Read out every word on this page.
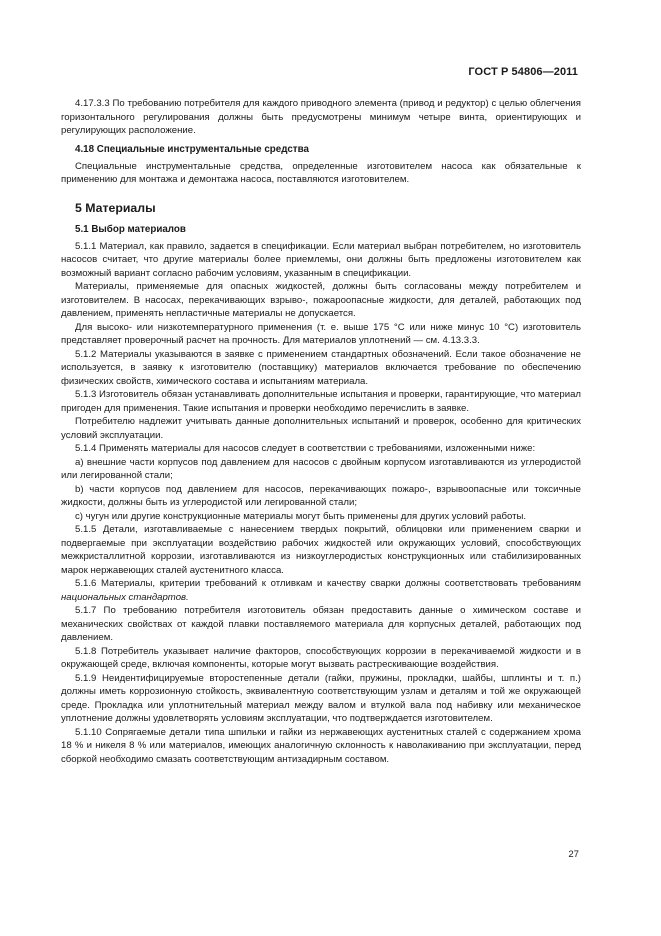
ГОСТ Р 54806—2011

4.17.3.3 По требованию потребителя для каждого приводного элемента (привод и редуктор) с целью облегчения горизонтального регулирования должны быть предусмотрены минимум четыре винта, ориентирующих и регулирующих расположение.

4.18 Специальные инструментальные средства

Специальные инструментальные средства, определенные изготовителем насоса как обязательные к применению для монтажа и демонтажа насоса, поставляются изготовителем.

5 Материалы

5.1 Выбор материалов

5.1.1 Материал, как правило, задается в спецификации. Если материал выбран потребителем, но изготовитель насосов считает, что другие материалы более приемлемы, они должны быть предложены изготовителем как возможный вариант согласно рабочим условиям, указанным в спецификации.

Материалы, применяемые для опасных жидкостей, должны быть согласованы между потребителем и изготовителем. В насосах, перекачивающих взрыво-, пожароопасные жидкости, для деталей, работающих под давлением, применять непластичные материалы не допускается.

Для высоко- или низкотемпературного применения (т. е. выше 175 °С или ниже минус 10 °С) изготовитель представляет проверочный расчет на прочность. Для материалов уплотнений — см. 4.13.3.3.

5.1.2 Материалы указываются в заявке с применением стандартных обозначений. Если такое обозначение не используется, в заявку к изготовителю (поставщику) материалов включается требование по обеспечению физических свойств, химического состава и испытаниям материала.

5.1.3 Изготовитель обязан устанавливать дополнительные испытания и проверки, гарантирующие, что материал пригоден для применения. Такие испытания и проверки необходимо перечислить в заявке.

Потребителю надлежит учитывать данные дополнительных испытаний и проверок, особенно для критических условий эксплуатации.

5.1.4 Применять материалы для насосов следует в соответствии с требованиями, изложенными ниже:

а) внешние части корпусов под давлением для насосов с двойным корпусом изготавливаются из углеродистой или легированной стали;

b) части корпусов под давлением для насосов, перекачивающих пожаро-, взрывоопасные или токсичные жидкости, должны быть из углеродистой или легированной стали;

с) чугун или другие конструкционные материалы могут быть применены для других условий работы.

5.1.5 Детали, изготавливаемые с нанесением твердых покрытий, облицовки или применением сварки и подвергаемые при эксплуатации воздействию рабочих жидкостей или окружающих условий, способствующих межкристаллитной коррозии, изготавливаются из низкоуглеродистых конструкционных или стабилизированных марок нержавеющих сталей аустенитного класса.

5.1.6 Материалы, критерии требований к отливкам и качеству сварки должны соответствовать требованиям национальных стандартов.

5.1.7 По требованию потребителя изготовитель обязан предоставить данные о химическом составе и механических свойствах от каждой плавки поставляемого материала для корпусных деталей, работающих под давлением.

5.1.8 Потребитель указывает наличие факторов, способствующих коррозии в перекачиваемой жидкости и в окружающей среде, включая компоненты, которые могут вызвать растрескивающие воздействия.

5.1.9 Неидентифицируемые второстепенные детали (гайки, пружины, прокладки, шайбы, шплинты и т. п.) должны иметь коррозионную стойкость, эквивалентную соответствующим узлам и деталям и той же окружающей среде. Прокладка или уплотнительный материал между валом и втулкой вала под набивку или механическое уплотнение должны удовлетворять условиям эксплуатации, что подтверждается изготовителем.

5.1.10 Сопрягаемые детали типа шпильки и гайки из нержавеющих аустенитных сталей с содержанием хрома 18 % и никеля 8 % или материалов, имеющих аналогичную склонность к наволакиванию при эксплуатации, перед сборкой необходимо смазать соответствующим антизадирным составом.

27
